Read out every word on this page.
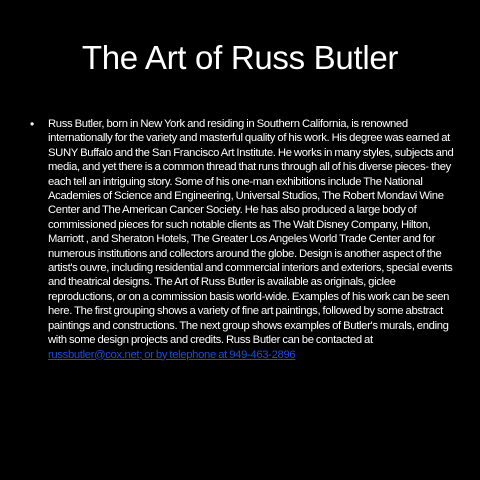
The Art of Russ Butler
• Russ Butler, born in New York and residing in Southern California, is renowned internationally for the variety and masterful quality of his work. His degree was earned at SUNY Buffalo and the San Francisco Art Institute. He works in many styles, subjects and media, and yet there is a common thread that runs through all of his diverse pieces- they each tell an intriguing story. Some of his one-man exhibitions include The National Academies of Science and Engineering, Universal Studios, The Robert Mondavi Wine Center and The American Cancer Society. He has also produced a large body of commissioned pieces for such notable clients as The Walt Disney Company, Hilton, Marriott , and Sheraton Hotels, The Greater Los Angeles World Trade Center and for numerous institutions and collectors around the globe. Design is another aspect of the artist's ouvre, including residential and commercial interiors and exteriors, special events and theatrical designs. The Art of Russ Butler is available as originals, giclee reproductions, or on a commission basis world-wide. Examples of his work can be seen here. The first grouping shows a variety of fine art paintings, followed by some abstract paintings and constructions. The next group shows examples of Butler's murals, ending with some design projects and credits. Russ Butler can be contacted at russbutler@cox.net; or by telephone at 949-463-2896
